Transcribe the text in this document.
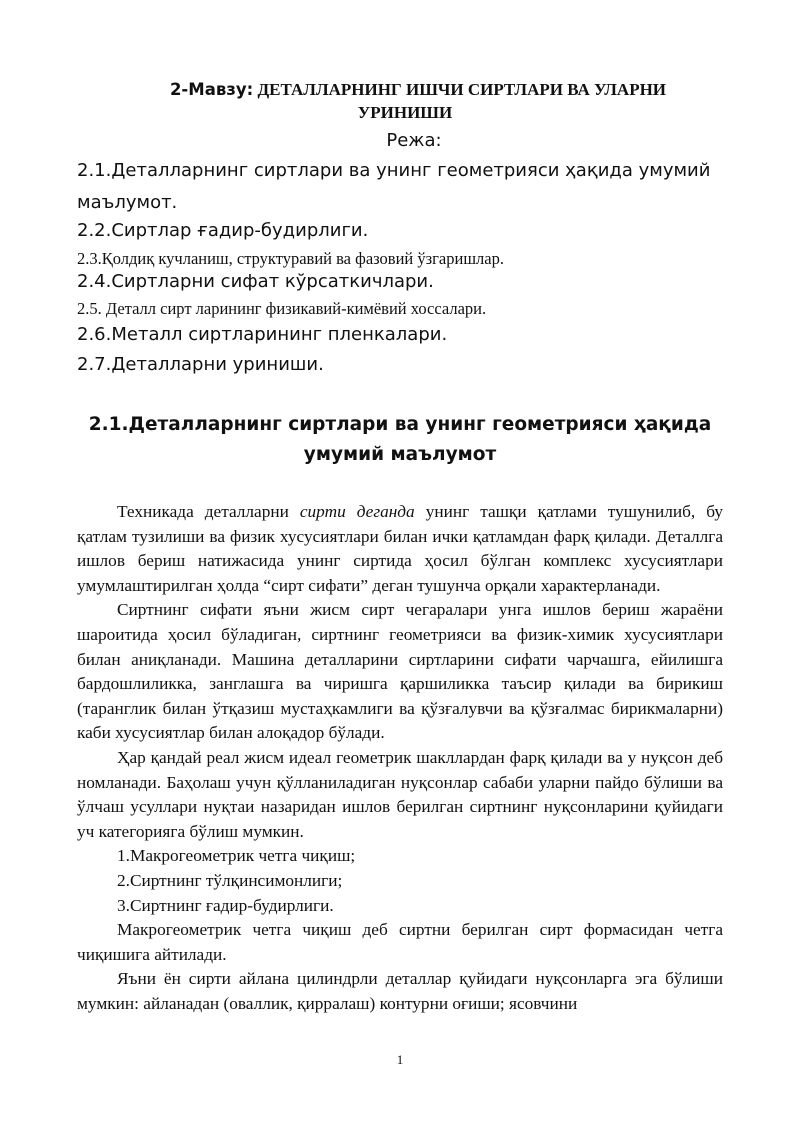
2-Мавзу: ДЕТАЛЛАРНИНГ ИШЧИ СИРТЛАРИ ВА УЛАРНИ
УРИНИШИ
Режа:
2.1.Деталларнинг сиртлари ва унинг геометрияси ҳақида умумий
маълумот.
2.2.Сиртлар ғадир-будирлиги.
2.3.Қолдиқ кучланиш, структуравий ва фазовий ўзгаришлар.
2.4.Сиртларни сифат кўрсаткичлари.
2.5. Деталл сирт ларининг физикавий-кимёвий хоссалари.
2.6.Металл сиртларининг пленкалари.
2.7.Деталларни уриниши.
2.1.Деталларнинг сиртлари ва унинг геометрияси ҳақида
умумий маълумот

Техникада деталларни сирти деганда унинг ташқи қатлами тушунилиб, бу қатлам тузилиши ва физик хусусиятлари билан ички қатламдан фарқ қилади. Деталлга ишлов бериш натижасида унинг сиртида ҳосил бўлган комплекс хусусиятлари умумлаштирилган ҳолда “сирт сифати” деган тушунча орқали характерланади.

Сиртнинг сифати яъни жисм сирт чегаралари унга ишлов бериш жараёни шароитида ҳосил бўладиган, сиртнинг геометрияси ва физик-химик хусусиятлари билан аниқланади. Машина деталларини сиртларини сифати чарчашга, ейилишга бардошлиликка, занглашга ва чиришга қаршиликка таъсир қилади ва бирикиш (таранглик билан ўтқазиш мустаҳкамлиги ва қўзғалувчи ва қўзғалмас бирикмаларни) каби хусусиятлар билан алоқадор бўлади.

Ҳар қандай реал жисм идеал геометрик шакллардан фарқ қилади ва у нуқсон деб номланади. Баҳолаш учун қўлланиладиган нуқсонлар сабаби уларни пайдо бўлиши ва ўлчаш усуллари нуқтаи назаридан ишлов берилган сиртнинг нуқсонларини қуйидаги уч категорияга бўлиш мумкин.

1.Макрогеометрик четга чиқиш;
2.Сиртнинг тўлқинсимонлиги;
3.Сиртнинг ғадир-будирлиги.

Макрогеометрик четга чиқиш деб сиртни берилган сирт формасидан четга чиқишига айтилади.

Яъни ён сирти айлана цилиндрли деталлар қуйидаги нуқсонларга эга бўлиши мумкин: айланадан (оваллик, қирралаш) контурни оғиши; ясовчини

1
